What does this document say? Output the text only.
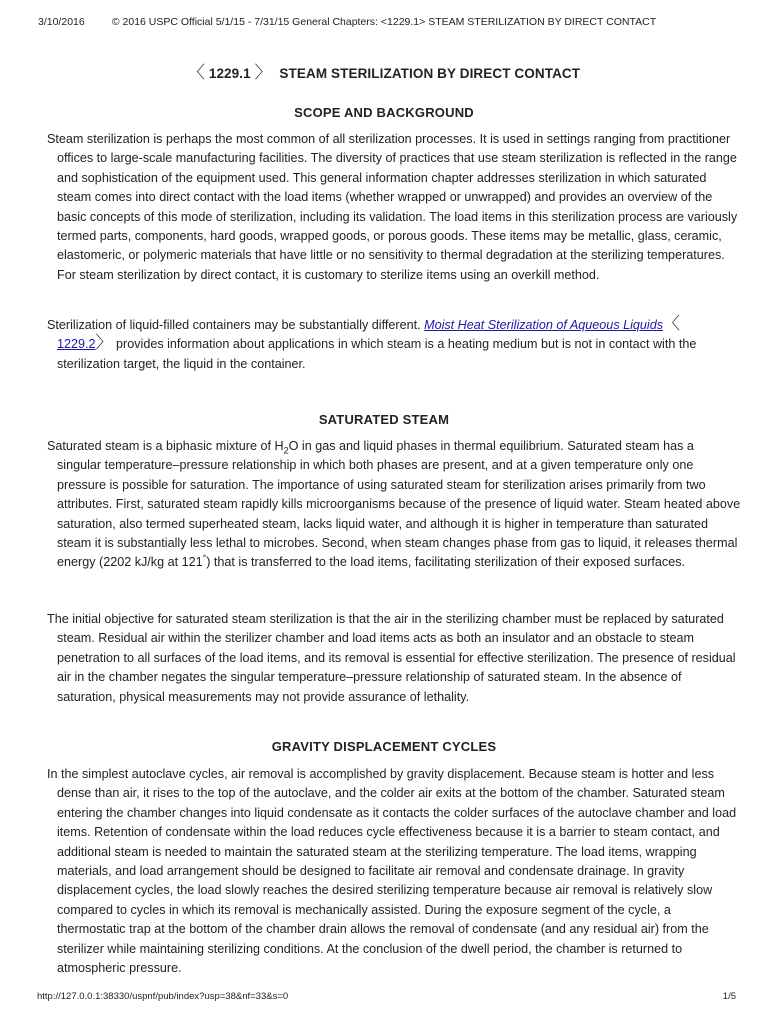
3/10/2016	© 2016 USPC Official 5/1/15 - 7/31/15 General Chapters: <1229.1> STEAM STERILIZATION BY DIRECT CONTACT
〈 1229.1 〉 STEAM STERILIZATION BY DIRECT CONTACT
SCOPE AND BACKGROUND

Steam sterilization is perhaps the most common of all sterilization processes. It is used in settings ranging from practitioner offices to large-scale manufacturing facilities. The diversity of practices that use steam sterilization is reflected in the range and sophistication of the equipment used. This general information chapter addresses sterilization in which saturated steam comes into direct contact with the load items (whether wrapped or unwrapped) and provides an overview of the basic concepts of this mode of sterilization, including its validation. The load items in this sterilization process are variously termed parts, components, hard goods, wrapped goods, or porous goods. These items may be metallic, glass, ceramic, elastomeric, or polymeric materials that have little or no sensitivity to thermal degradation at the sterilizing temperatures. For steam sterilization by direct contact, it is customary to sterilize items using an overkill method.

Sterilization of liquid-filled containers may be substantially different. Moist Heat Sterilization of Aqueous Liquids〈
1229.2〉 provides information about applications in which steam is a heating medium but is not in contact with the sterilization target, the liquid in the container.

SATURATED STEAM

Saturated steam is a biphasic mixture of $H_2O$ in gas and liquid phases in thermal equilibrium. Saturated steam has a singular temperature–pressure relationship in which both phases are present, and at a given temperature only one pressure is possible for saturation. The importance of using saturated steam for sterilization arises primarily from two attributes. First, saturated steam rapidly kills microorganisms because of the presence of liquid water. Steam heated above saturation, also termed superheated steam, lacks liquid water, and although it is higher in temperature than saturated steam it is substantially less lethal to microbes. Second, when steam changes phase from gas to liquid, it releases thermal energy (2202 kJ/kg at 121°) that is transferred to the load items, facilitating sterilization of their exposed surfaces.

The initial objective for saturated steam sterilization is that the air in the sterilizing chamber must be replaced by saturated steam. Residual air within the sterilizer chamber and load items acts as both an insulator and an obstacle to steam penetration to all surfaces of the load items, and its removal is essential for effective sterilization. The presence of residual air in the chamber negates the singular temperature–pressure relationship of saturated steam. In the absence of saturation, physical measurements may not provide assurance of lethality.

GRAVITY DISPLACEMENT CYCLES

In the simplest autoclave cycles, air removal is accomplished by gravity displacement. Because steam is hotter and less dense than air, it rises to the top of the autoclave, and the colder air exits at the bottom of the chamber. Saturated steam entering the chamber changes into liquid condensate as it contacts the colder surfaces of the autoclave chamber and load items. Retention of condensate within the load reduces cycle effectiveness because it is a barrier to steam contact, and additional steam is needed to maintain the saturated steam at the sterilizing temperature. The load items, wrapping materials, and load arrangement should be designed to facilitate air removal and condensate drainage. In gravity displacement cycles, the load slowly reaches the desired sterilizing temperature because air removal is relatively slow compared to cycles in which its removal is mechanically assisted. During the exposure segment of the cycle, a thermostatic trap at the bottom of the chamber drain allows the removal of condensate (and any residual air) from the sterilizer while maintaining sterilizing conditions. At the conclusion of the dwell period, the chamber is returned to atmospheric pressure.

http://127.0.0.1:38330/uspnf/pub/index?usp=38&nf=33&s=0	1/5
